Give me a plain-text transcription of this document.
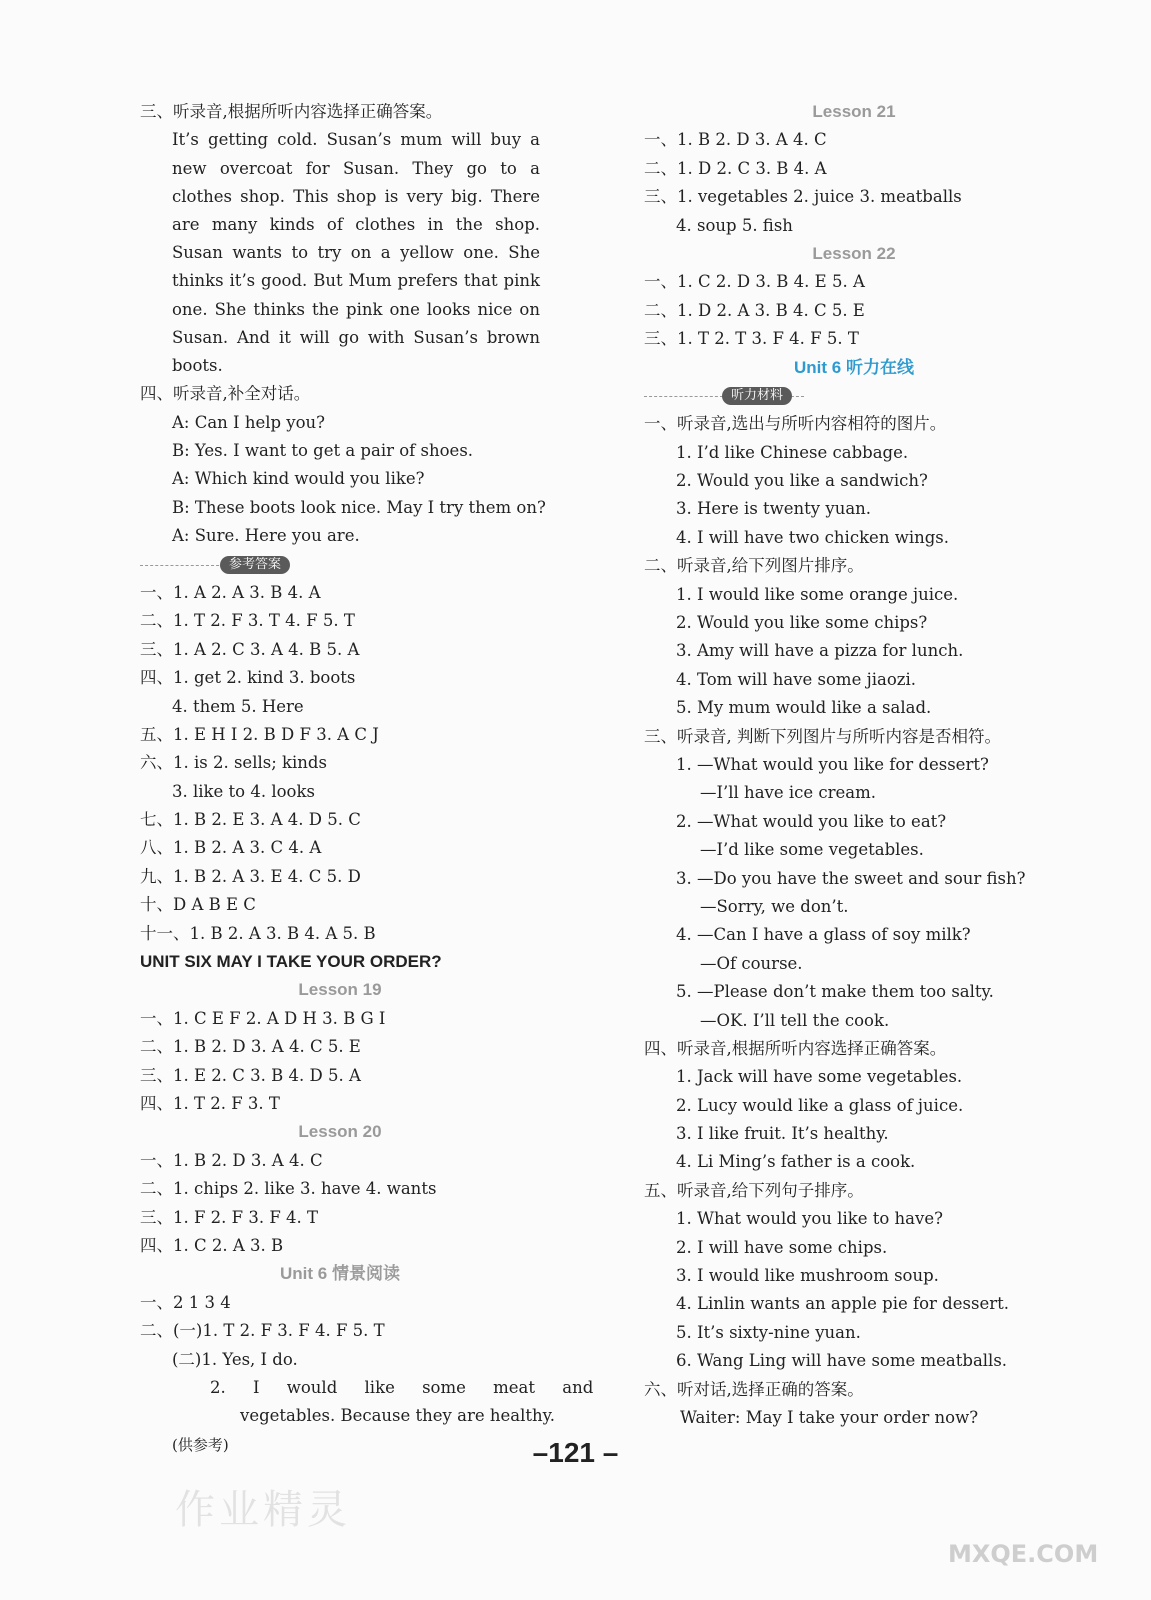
三、听录音,根据所听内容选择正确答案。
It’s getting cold. Susan’s mum will buy a new overcoat for Susan. They go to a clothes shop. This shop is very big. There are many kinds of clothes in the shop. Susan wants to try on a yellow one. She thinks it’s good. But Mum prefers that pink one. She thinks the pink one looks nice on Susan. And it will go with Susan’s brown boots.
四、听录音,补全对话。
A: Can I help you?
B: Yes. I want to get a pair of shoes.
A: Which kind would you like?
B: These boots look nice. May I try them on?
A: Sure. Here you are.
参考答案
一、1. A 2. A 3. B 4. A
二、1. T 2. F 3. T 4. F 5. T
三、1. A 2. C 3. A 4. B 5. A
四、1. get 2. kind 3. boots
4. them 5. Here
五、1. E H I 2. B D F 3. A C J
六、1. is 2. sells; kinds
3. like to 4. looks
七、1. B 2. E 3. A 4. D 5. C
八、1. B 2. A 3. C 4. A
九、1. B 2. A 3. E 4. C 5. D
十、D A B E C
十一、1. B 2. A 3. B 4. A 5. B
UNIT SIX MAY I TAKE YOUR ORDER?
Lesson 19
一、1. C E F 2. A D H 3. B G I
二、1. B 2. D 3. A 4. C 5. E
三、1. E 2. C 3. B 4. D 5. A
四、1. T 2. F 3. T
Lesson 20
一、1. B 2. D 3. A 4. C
二、1. chips 2. like 3. have 4. wants
三、1. F 2. F 3. F 4. T
四、1. C 2. A 3. B
Unit 6 情景阅读
一、2 1 3 4
二、(一)1. T 2. F 3. F 4. F 5. T
(二)1. Yes, I do.
2. I would like some meat and
vegetables. Because they are healthy.
(供参考)
Lesson 21
一、1. B 2. D 3. A 4. C
二、1. D 2. C 3. B 4. A
三、1. vegetables 2. juice 3. meatballs
4. soup 5. fish
Lesson 22
一、1. C 2. D 3. B 4. E 5. A
二、1. D 2. A 3. B 4. C 5. E
三、1. T 2. T 3. F 4. F 5. T
Unit 6 听力在线
听力材料
一、听录音,选出与所听内容相符的图片。
1. I’d like Chinese cabbage.
2. Would you like a sandwich?
3. Here is twenty yuan.
4. I will have two chicken wings.
二、听录音,给下列图片排序。
1. I would like some orange juice.
2. Would you like some chips?
3. Amy will have a pizza for lunch.
4. Tom will have some jiaozi.
5. My mum would like a salad.
三、听录音, 判断下列图片与所听内容是否相符。
1. —What would you like for dessert?
—I’ll have ice cream.
2. —What would you like to eat?
—I’d like some vegetables.
3. —Do you have the sweet and sour fish?
—Sorry, we don’t.
4. —Can I have a glass of soy milk?
—Of course.
5. —Please don’t make them too salty.
—OK. I’ll tell the cook.
四、听录音,根据所听内容选择正确答案。
1. Jack will have some vegetables.
2. Lucy would like a glass of juice.
3. I like fruit. It’s healthy.
4. Li Ming’s father is a cook.
五、听录音,给下列句子排序。
1. What would you like to have?
2. I will have some chips.
3. I would like mushroom soup.
4. Linlin wants an apple pie for dessert.
5. It’s sixty-nine yuan.
6. Wang Ling will have some meatballs.
六、听对话,选择正确的答案。
Waiter: May I take your order now?
–121 –
作业精灵
MXQE.COM
